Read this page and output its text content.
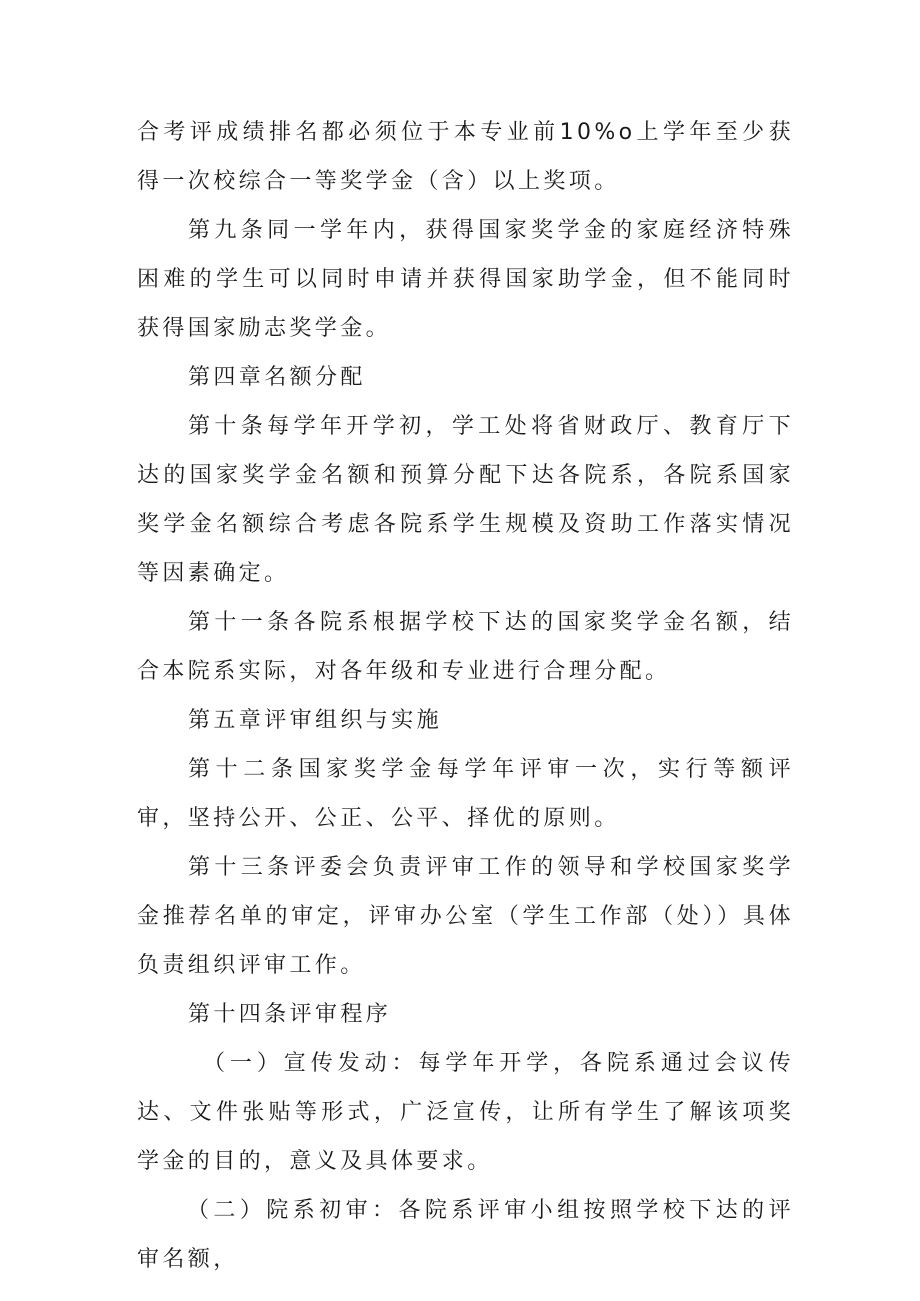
合考评成绩排名都必须位于本专业前10%o上学年至少获得一次校综合一等奖学金（含）以上奖项。

第九条同一学年内，获得国家奖学金的家庭经济特殊困难的学生可以同时申请并获得国家助学金，但不能同时获得国家励志奖学金。

第四章名额分配

第十条每学年开学初，学工处将省财政厅、教育厅下达的国家奖学金名额和预算分配下达各院系，各院系国家奖学金名额综合考虑各院系学生规模及资助工作落实情况等因素确定。

第十一条各院系根据学校下达的国家奖学金名额，结合本院系实际，对各年级和专业进行合理分配。

第五章评审组织与实施

第十二条国家奖学金每学年评审一次，实行等额评审，坚持公开、公正、公平、择优的原则。

第十三条评委会负责评审工作的领导和学校国家奖学金推荐名单的审定，评审办公室（学生工作部（处））具体负责组织评审工作。

第十四条评审程序

（一）宣传发动：每学年开学，各院系通过会议传达、文件张贴等形式，广泛宣传，让所有学生了解该项奖学金的目的，意义及具体要求。

（二）院系初审：各院系评审小组按照学校下达的评审名额，
